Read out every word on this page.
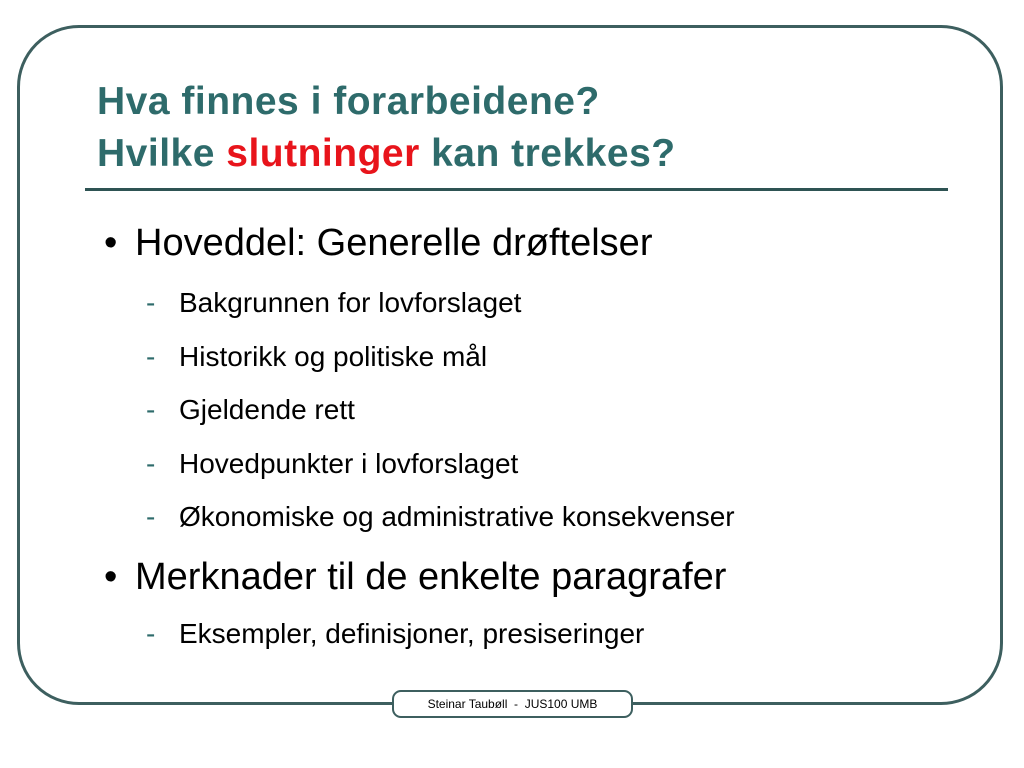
Hva finnes i forarbeidene?
Hvilke slutninger kan trekkes?
• Hoveddel: Generelle drøftelser
- Bakgrunnen for lovforslaget
- Historikk og politiske mål
- Gjeldende rett
- Hovedpunkter i lovforslaget
- Økonomiske og administrative konsekvenser
• Merknader til de enkelte paragrafer
- Eksempler, definisjoner, presiseringer
Steinar Taubøll  -  JUS100 UMB
